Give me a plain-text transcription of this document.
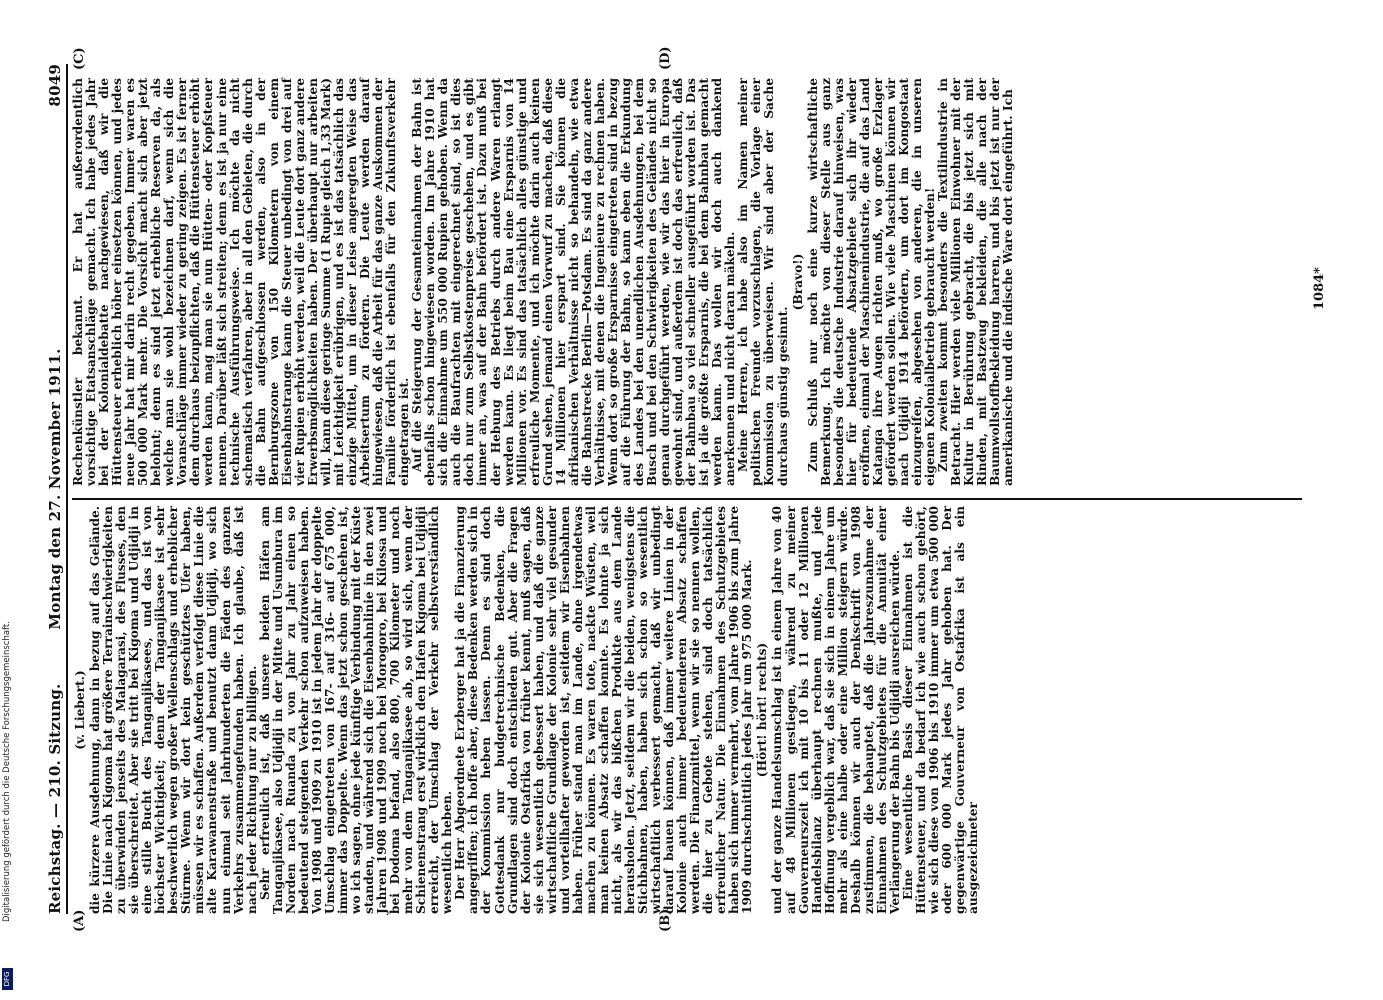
Reichstag. — 210. Sitzung.
Montag den 27. November 1911.
8049
(A)	(B)
(C)	(D)

(v. Liebert.) die kürzere Ausdehnung, dann in bezug auf das Gelände. Die Linie nach Kigoma hat größere Terrainschwierigkeiten zu überwinden jenseits des Malagarasi, des Flusses, den sie überschreitet. Aber sie tritt bei Kigoma und Udjidji in eine stille Bucht des Tanganjikasees, und das ist von höchster Wichtigkeit; denn der Tanganjikasee ist sehr beschwerlich wegen großer Wellenschlags und erheblicher Stürme. Wenn wir dort kein geschütztes Ufer haben, müssen wir es schaffen. Außerdem verfolgt diese Linie die alte Karawanenstraße und benutzt dann Udjidji, wo sich nun einmal seit Jahrhunderten die Fäden des ganzen Verkehrs zusammengefunden haben. Ich glaube, daß ist nach jeder Richtung nur zu billigen. Sehr erfreulich ist, daß unsere beiden Häfen am Tanganjikasee, also Udjidji in der Mitte und Usumbura im Norden nach Ruanda zu von Jahr zu Jahr einen so bedeutend steigenden Verkehr schon aufzuweisen haben. Von 1908 und 1909 zu 1910 ist in jedem Jahr der doppelte Umschlag eingetreten von 167- auf 316- auf 675 000, immer das Doppelte. Wenn das jetzt schon geschehen ist, wo ich sagen, ohne jede künftige Verbindung mit der Küste standen, und während sich die Eisenbahnlinie in den zwei Jahren 1908 und 1909 noch bei Morogoro, bei Kilossa und bei Dodoma befand, also 800, 700 Kilometer und noch mehr von dem Tanganjikasee ab, so wird sich, wenn der Schienenstrang erst wirklich den Hafen Kigoma bei Udjidji erreicht, der Umschlag der Verkehr selbstverständlich wesentlich heben. Der Herr Abgeordnete Erzberger hat ja die Finanzierung angegriffen; ich hoffe aber, diese Bedenken werden sich in der Kommission heben lassen. Denn es sind doch Gottesdank nur budgetrechnische Bedenken, die Grundlagen sind doch entschieden gut. Aber die Fragen der Kolonie Ostafrika von früher kennt, muß sagen, daß sie sich wesentlich gebessert haben, und daß die ganze wirtschaftliche Grundlage der Kolonie sehr viel gesunder und vorteilhafter geworden ist, seitdem wir Eisenbahnen haben. Früher stand man im Lande, ohne irgendetwas machen zu können. Es waren tote, nackte Wüsten, weil man keinen Absatz schaffen konnte. Es lohnte ja sich nicht, als wir das bißchen Produkte aus dem Lande herausholen. Jetzt, seitdem wir die beiden, wenigstens die Stichbahnen, haben, haben sich schon so wesentlich wirtschaftlich verbessert gemacht, daß wir unbedingt darauf bauen können, daß immer weitere Linien in der Kolonie auch immer bedeutenderen Absatz schaffen werden. Die Finanzmittel, wenn wir sie so nennen wollen, die hier zu Gebote stehen, sind doch tatsächlich erfreulicher Natur. Die Einnahmen des Schutzgebietes haben sich immer vermehrt, vom Jahre 1906 bis zum Jahre 1909 durchschnittlich jedes Jahr um 975 000 Mark. (Hört! hört! rechts) und der ganze Handelsumschlag ist in einem Jahre von 40 auf 48 Millionen gestiegen, während zu meiner Gouverneurszeit ich mit 10 bis 11 oder 12 Millionen Handelsbilanz überhaupt rechnen mußte, und jede Hoffnung vergeblich war, daß sie sich in einem Jahre um mehr als eine halbe oder eine Million steigern würde. Deshalb können wir auch der Denkschrift von 1908 zustimmen, die behauptet, daß die Jahreszunahme der Einnahmen des Schutzgebietes für die Annuität einer Verlängerung der Bahn bis Udjidji ausreichen würde. Eine wesentliche Basis dieser Einnahmen ist die Hüttensteuer, und da bedarf ich wie auch schon gehört, wie sich diese von 1906 bis 1910 immer um etwa 500 000 oder 600 000 Mark jedes Jahr gehoben hat. Der gegenwärtige Gouverneur von Ostafrika ist als ein ausgezeichneter

Rechenkünstler bekannt. Er hat außerordentlich vorsichtige Etatsanschläge gemacht. Ich habe jedes Jahr bei der Kolonialdebatte nachgewiesen, daß wir die Hüttensteuer erheblich höher einsetzen können, und jedes neue Jahr hat mir darin recht gegeben. Immer waren es 500 000 Mark mehr. Die Vorsicht macht sich aber jetzt belohnt; denn es sind jetzt erhebliche Reserven da, als welche man sie wohl bezeichnen darf, wenn sich die Voranschläge immer wieder zu gering zeigen. Es ist ferner dem durchaus beizupflichten, daß die Hüttensteuer erhöht werden kann, mag man sie nun Hütten- oder Kopfsteuer nennen. Darüber läßt sich streiten; denn es ist ja nur eine technische Ausführungsweise. Ich möchte da nicht schematisch verfahren, aber in all den Gebieten, die durch die Bahn aufgeschlossen werden, also in der Bernburgszone von 150 Kilometern von einem Eisenbahnstrange kann die Steuer unbedingt von drei auf vier Rupien erhöht werden, weil die Leute dort ganz andere Erwerbsmöglichkeiten haben. Der überhaupt nur arbeiten will, kann diese geringe Summe (1 Rupie gleich 1,33 Mark) mit Leichtigkeit erübrigen, und es ist das tatsächlich das einzige Mittel, um in dieser Leise angeregten Weise das Arbeitsertum zu fördern. Die Leute werden darauf hingewiesen, daß die Arbeit für das ganze Auskommen der Familie förderlich ist ebenfalls für den Zukunftsverkehr eingetragen ist. Auf die Steigerung der Gesamteinnahmen der Bahn ist ebenfalls schon hingewiesen worden. Im Jahre 1910 hat sich die Einnahme um 550 000 Rupien gehoben. Wenn da auch die Baufrachten mit eingerechnet sind, so ist dies doch nur zum Selbstkostenpreise geschehen, und es gibt immer an, was auf der Bahn befördert ist. Dazu muß bei der Hebung des Betriebs durch andere Waren erlangt werden kann. Es liegt beim Bau eine Ersparnis von 14 Millionen vor. Es sind das tatsächlich alles günstige und erfreuliche Momente, und ich möchte darin auch keinen Grund sehen, jemand einen Vorwurf zu machen, daß diese 14 Millionen hier erspart sind. Sie können die afrikanischen Verhältnisse nicht so behandeln, wie etwa die Bahnstrecke Berlin—Potsdam. Es sind da ganz andere Verhältnisse, mit denen die Ingenieure zu rechnen haben. Wenn dort so große Ersparnisse eingetreten sind in bezug auf die Führung der Bahn, so kann eben die Erkundung des Landes bei den unendlichen Ausdehnungen, bei dem Busch und bei den Schwierigkeiten des Geländes nicht so genau durchgeführt werden, wie wir das hier in Europa gewohnt sind, und außerdem ist doch das erfreulich, daß der Bahnbau so viel schneller ausgeführt worden ist. Das ist ja die größte Ersparnis, die bei dem Bahnbau gemacht werden kann. Das wollen wir doch auch dankend anerkennen und nicht daran mäkeln. Meine Herren, ich habe also im Namen meiner politischen Freunde vorzuschlagen, die Vorlage einer Kommission zu überweisen. Wir sind aber der Sache durchaus günstig gesinnt.

(Bravo!) Zum Schluß nur noch eine kurze wirtschaftliche Bemerkung. Ich möchte von dieser Stelle aus ganz besonders die deutsche Industrie darauf hinweisen, was hier für bedeutende Absatzgebiete sich ihr wieder eröffnen, einmal der Maschinenindustrie, die auf das Land Katanga ihre Augen richten muß, wo große Erzlager gefördert werden sollen. Wie viele Maschinen können wir nach Udjidji 1914 befördern, um dort im Kongostaat einzugreifen, abgesehen von anderen, die in unseren eigenen Kolonialbetrieb gebraucht werden! Zum zweiten kommt besonders die Textilindustrie in Betracht. Hier werden viele Millionen Einwohner mit der Kultur in Berührung gebracht, die bis jetzt sich mit Rinden, mit Bastzeug bekleiden, die alle nach der Baumwollstoffbekleidung harren, und bis jetzt ist nur der amerikanische und die indische Ware dort eingeführt. Ich	1084*
DFG
Digitalisierung gefördert durch die Deutsche Forschungsgemeinschaft.
